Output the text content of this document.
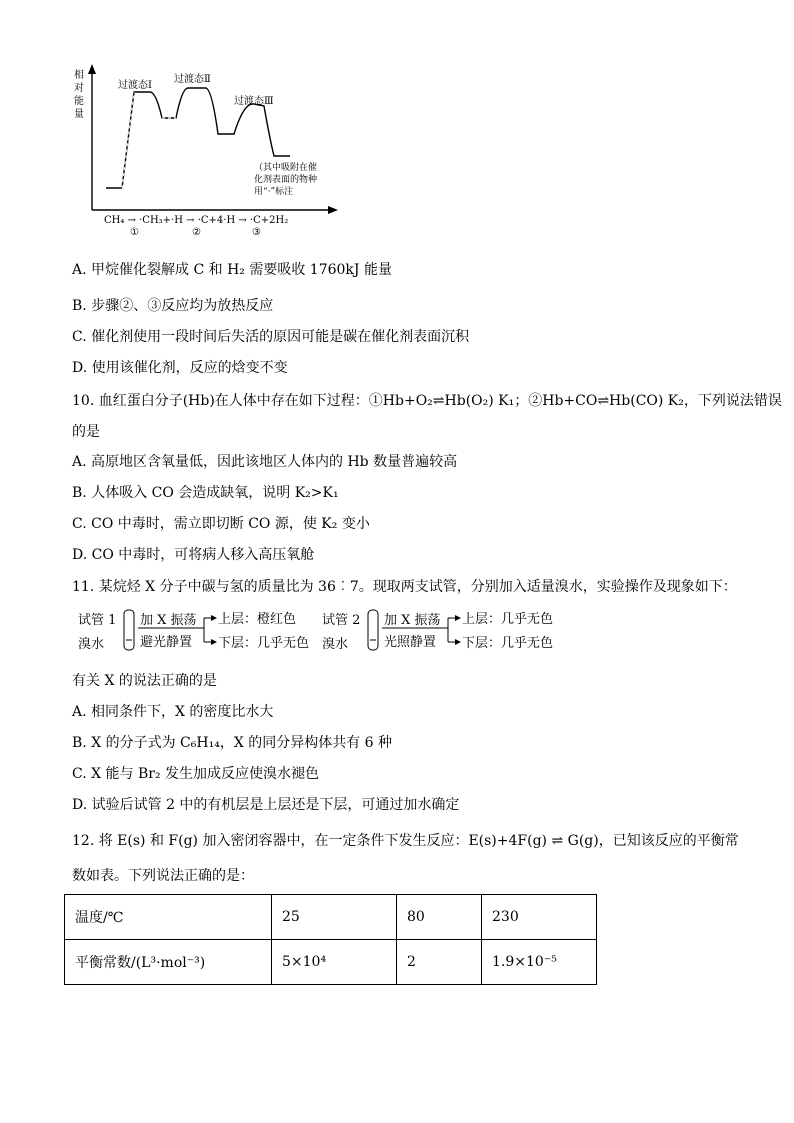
相
对
能
量
过渡态Ⅰ
过渡态Ⅱ
过渡态Ⅲ
（其中吸附在催
化剂表面的物种
用“·”标注
CH₄ → ·CH₃+·H → ·C+4·H → ·C+2H₂
①	②	③
A. 甲烷催化裂解成 C 和 H₂ 需要吸收 1760kJ 能量
B. 步骤②、③反应均为放热反应
C. 催化剂使用一段时间后失活的原因可能是碳在催化剂表面沉积
D. 使用该催化剂，反应的焓变不变
10. 血红蛋白分子(Hb)在人体中存在如下过程：①Hb+O₂⇌Hb(O₂) K₁；②Hb+CO⇌Hb(CO) K₂，下列说法错误
的是
A. 高原地区含氧量低，因此该地区人体内的 Hb 数量普遍较高
B. 人体吸入 CO 会造成缺氧，说明 K₂>K₁
C. CO 中毒时，需立即切断 CO 源，使 K₂ 变小
D. CO 中毒时，可将病人移入高压氧舱
11. 某烷烃 X 分子中碳与氢的质量比为 36︰7。现取两支试管，分别加入适量溴水，实验操作及现象如下：
试管 1
溴水
加 X 振荡
避光静置
上层：橙红色
下层：几乎无色
试管 2
溴水
加 X 振荡
光照静置
上层：几乎无色
下层：几乎无色
有关 X 的说法正确的是
A. 相同条件下，X 的密度比水大
B. X 的分子式为 C₆H₁₄，X 的同分异构体共有 6 种
C. X 能与 Br₂ 发生加成反应使溴水褪色
D. 试验后试管 2 中的有机层是上层还是下层，可通过加水确定
12. 将 E(s) 和 F(g) 加入密闭容器中，在一定条件下发生反应：E(s)+4F(g) ⇌ G(g)，已知该反应的平衡常
数如表。下列说法正确的是：
温度/℃	25	80	230
平衡常数/(L³·mol⁻³)	5×10⁴	2	1.9×10⁻⁵
